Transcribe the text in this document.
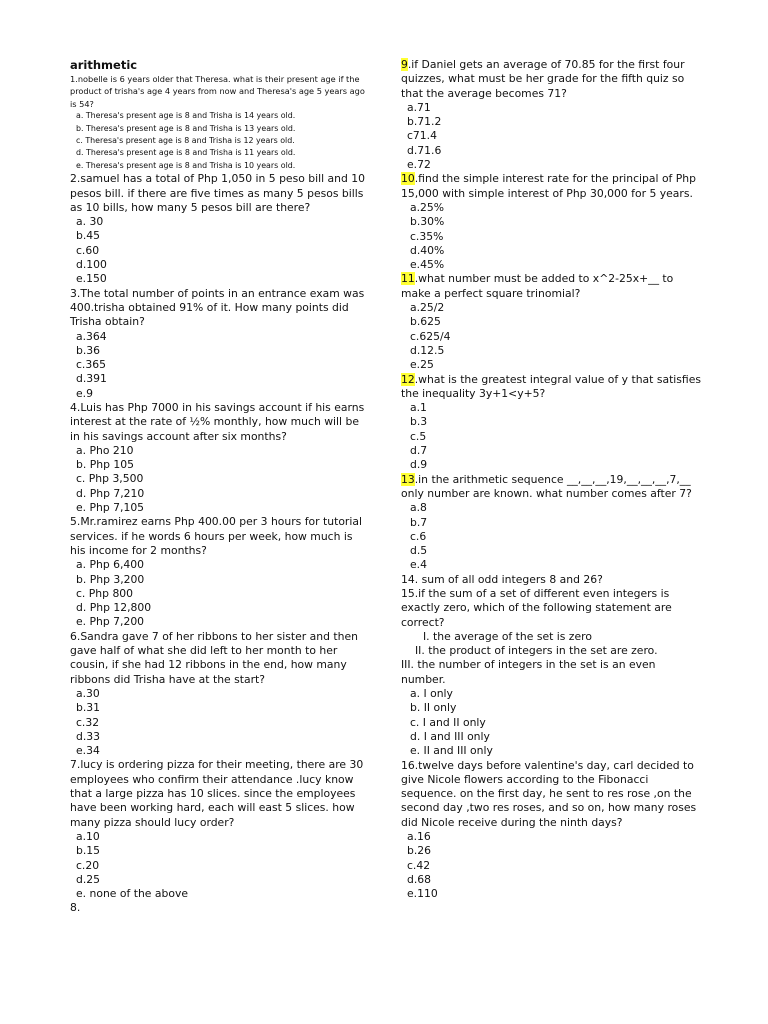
arithmetic

1.nobelle is 6 years older that Theresa. what is their present age if the product of trisha's age 4 years from now and Theresa's age 5 years ago is 54?

a. Theresa's present age is 8 and Trisha is 14 years old.
b. Theresa's present age is 8 and Trisha is 13 years old.
c. Theresa's present age is 8 and Trisha is 12 years old.
d. Theresa's present age is 8 and Trisha is 11 years old.
e. Theresa's present age is 8 and Trisha is 10 years old.

2.samuel has a total of Php 1,050 in 5 peso bill and 10 pesos bill. if there are five times as many 5 pesos bills as 10 bills, how many 5 pesos bill are there?

a. 30
b.45
c.60
d.100
e.150

3.The total number of points in an entrance exam was 400.trisha obtained 91% of it. How many points did Trisha obtain?

a.364
b.36
c.365
d.391
e.9

4.Luis has Php 7000 in his savings account if his earns interest at the rate of ½% monthly, how much will be in his savings account after six months?

a. Pho 210
b. Php 105
c. Php 3,500
d. Php 7,210
e. Php 7,105

5.Mr.ramirez earns Php 400.00 per 3 hours for tutorial services. if he words 6 hours per week, how much is his income for 2 months?

a. Php 6,400
b. Php 3,200
c. Php 800
d. Php 12,800
e. Php 7,200

6.Sandra gave 7 of her ribbons to her sister and then gave half of what she did left to her month to her cousin, if she had 12 ribbons in the end, how many ribbons did Trisha have at the start?

a.30
b.31
c.32
d.33
e.34

7.lucy is ordering pizza for their meeting, there are 30 employees who confirm their attendance .lucy know that a large pizza has 10 slices. since the employees have been working hard, each will east 5 slices. how many pizza should lucy order?

a.10
b.15
c.20
d.25
e. none of the above

8.

9.if Daniel gets an average of 70.85 for the first four quizzes, what must be her grade for the fifth quiz so that the average becomes 71?

a.71
b.71.2
c71.4
d.71.6
e.72

10.find the simple interest rate for the principal of Php 15,000 with simple interest of Php 30,000 for 5 years.

a.25%
b.30%
c.35%
d.40%
e.45%

11.what number must be added to x^2-25x+__ to make a perfect square trinomial?

a.25/2
b.625
c.625/4
d.12.5
e.25

12.what is the greatest integral value of y that satisfies the inequality 3y+1<y+5?

a.1
b.3
c.5
d.7
d.9

13.in the arithmetic sequence __,__,__,19,__,__,__,7,__ only number are known. what number comes after 7?

a.8
b.7
c.6
d.5
e.4

14. sum of all odd integers 8 and 26?

15.if the sum of a set of different even integers is exactly zero, which of the following statement are correct?

I. the average of the set is zero

II. the product of integers in the set are zero.

III. the number of integers in the set is an even number.

a. I only
b. II only
c. I and II only
d. I and III only
e. II and III only

16.twelve days before valentine's day, carl decided to give Nicole flowers according to the Fibonacci sequence. on the first day, he sent to res rose ,on the second day ,two res roses, and so on, how many roses did Nicole receive during the ninth days?

a.16
b.26
c.42
d.68
e.110
